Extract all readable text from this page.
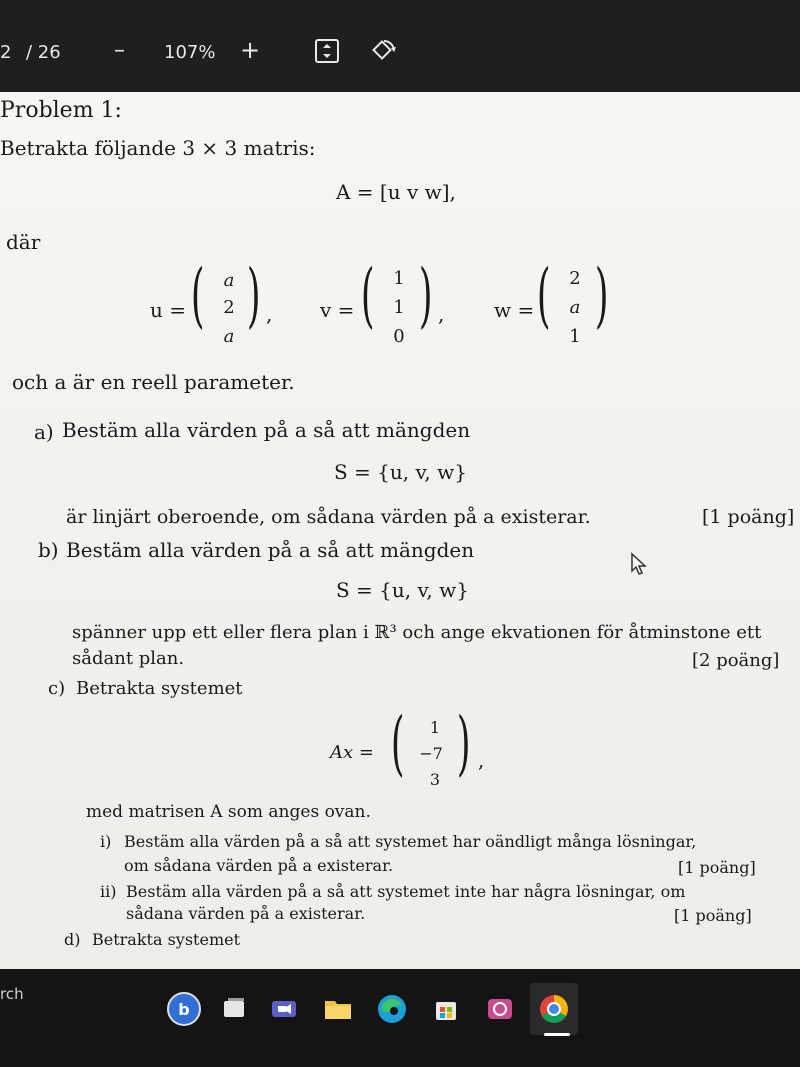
2 / 26 – 107% +
Problem 1:
Betrakta följande 3 × 3 matris:
A = [u v w],
där
u = (	a
2
a
) , v = (	1
1
0
) , w = (	2
a
1
)
och a är en reell parameter.
a) Bestäm alla värden på a så att mängden
S = {u, v, w}
är linjärt oberoende, om sådana värden på a existerar.	[1 poäng]
b) Bestäm alla värden på a så att mängden
S = {u, v, w}
spänner upp ett eller flera plan i ℝ³ och ange ekvationen för åtminstone ett
sådant plan.	[2 poäng]
c) Betrakta systemet
Ax = (	1
−7
3 ) ,
med matrisen A som anges ovan.
i) Bestäm alla värden på a så att systemet har oändligt många lösningar,
om sådana värden på a existerar.	[1 poäng]
ii) Bestäm alla värden på a så att systemet inte har några lösningar, om
sådana värden på a existerar.	[1 poäng]
d) Betrakta systemet
rch
b
